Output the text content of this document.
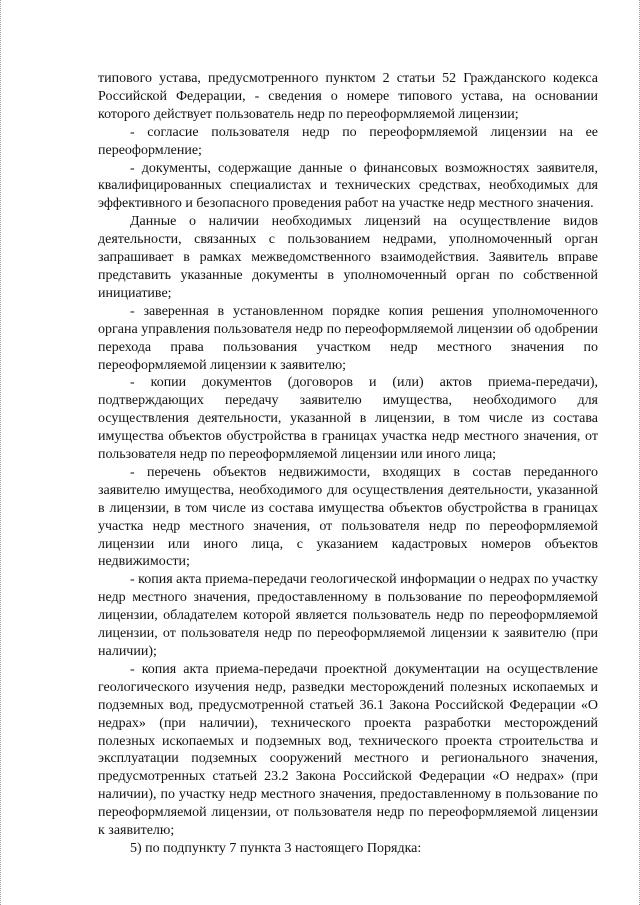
типового устава, предусмотренного пунктом 2 статьи 52 Гражданского кодекса Российской Федерации, - сведения о номере типового устава, на основании которого действует пользователь недр по переоформляемой лицензии;

- согласие пользователя недр по переоформляемой лицензии на ее переоформление;

- документы, содержащие данные о финансовых возможностях заявителя, квалифицированных специалистах и технических средствах, необходимых для эффективного и безопасного проведения работ на участке недр местного значения.

Данные о наличии необходимых лицензий на осуществление видов деятельности, связанных с пользованием недрами, уполномоченный орган запрашивает в рамках межведомственного взаимодействия. Заявитель вправе представить указанные документы в уполномоченный орган по собственной инициативе;

- заверенная в установленном порядке копия решения уполномоченного органа управления пользователя недр по переоформляемой лицензии об одобрении перехода права пользования участком недр местного значения по переоформляемой лицензии к заявителю;

- копии документов (договоров и (или) актов приема-передачи), подтверждающих передачу заявителю имущества, необходимого для осуществления деятельности, указанной в лицензии, в том числе из состава имущества объектов обустройства в границах участка недр местного значения, от пользователя недр по переоформляемой лицензии или иного лица;

- перечень объектов недвижимости, входящих в состав переданного заявителю имущества, необходимого для осуществления деятельности, указанной в лицензии, в том числе из состава имущества объектов обустройства в границах участка недр местного значения, от пользователя недр по переоформляемой лицензии или иного лица, с указанием кадастровых номеров объектов недвижимости;

- копия акта приема-передачи геологической информации о недрах по участку недр местного значения, предоставленному в пользование по переоформляемой лицензии, обладателем которой является пользователь недр по переоформляемой лицензии, от пользователя недр по переоформляемой лицензии к заявителю (при наличии);

- копия акта приема-передачи проектной документации на осуществление геологического изучения недр, разведки месторождений полезных ископаемых и подземных вод, предусмотренной статьей 36.1 Закона Российской Федерации «О недрах» (при наличии), технического проекта разработки месторождений полезных ископаемых и подземных вод, технического проекта строительства и эксплуатации подземных сооружений местного и регионального значения, предусмотренных статьей 23.2 Закона Российской Федерации «О недрах» (при наличии), по участку недр местного значения, предоставленному в пользование по переоформляемой лицензии, от пользователя недр по переоформляемой лицензии к заявителю;

5) по подпункту 7 пункта 3 настоящего Порядка:
